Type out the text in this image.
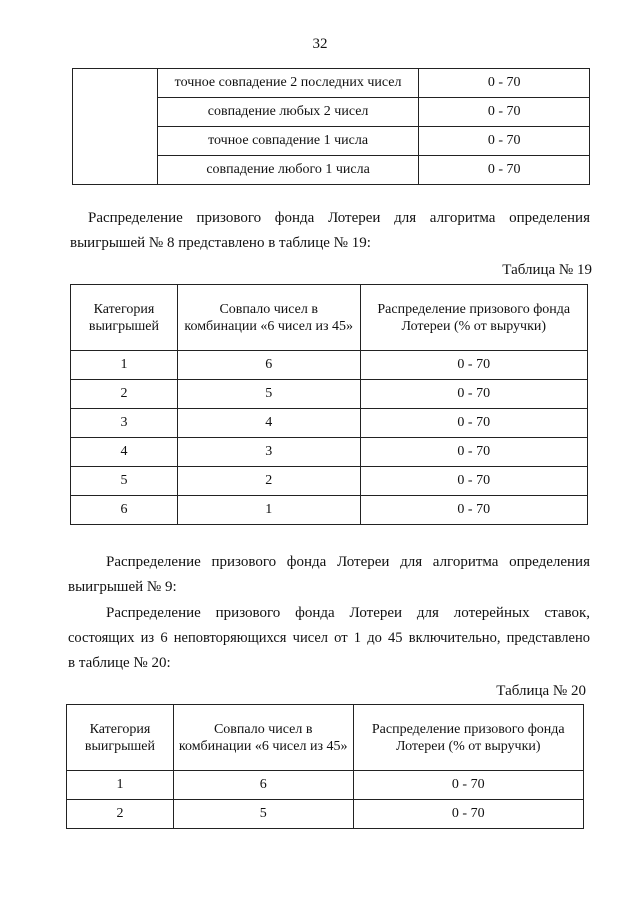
32
	точное совпадение 2 последних чисел	0 - 70
	совпадение любых 2 чисел	0 - 70
	точное совпадение 1 числа	0 - 70
	совпадение любого 1 числа	0 - 70
Распределение призового фонда Лотереи для алгоритма определения
выигрышей № 8 представлено в таблице № 19:
Таблица № 19
Категория выигрышей	Совпало чисел в комбинации «6 чисел из 45»	Распределение призового фонда Лотереи (% от выручки)
1	6	0 - 70
2	5	0 - 70
3	4	0 - 70
4	3	0 - 70
5	2	0 - 70
6	1	0 - 70
Распределение призового фонда Лотереи для алгоритма определения
выигрышей № 9:
Распределение призового фонда Лотереи для лотерейных ставок,
состоящих из 6 неповторяющихся чисел от 1 до 45 включительно, представлено
в таблице № 20:
Таблица № 20
Категория выигрышей	Совпало чисел в комбинации «6 чисел из 45»	Распределение призового фонда Лотереи (% от выручки)
1	6	0 - 70
2	5	0 - 70
